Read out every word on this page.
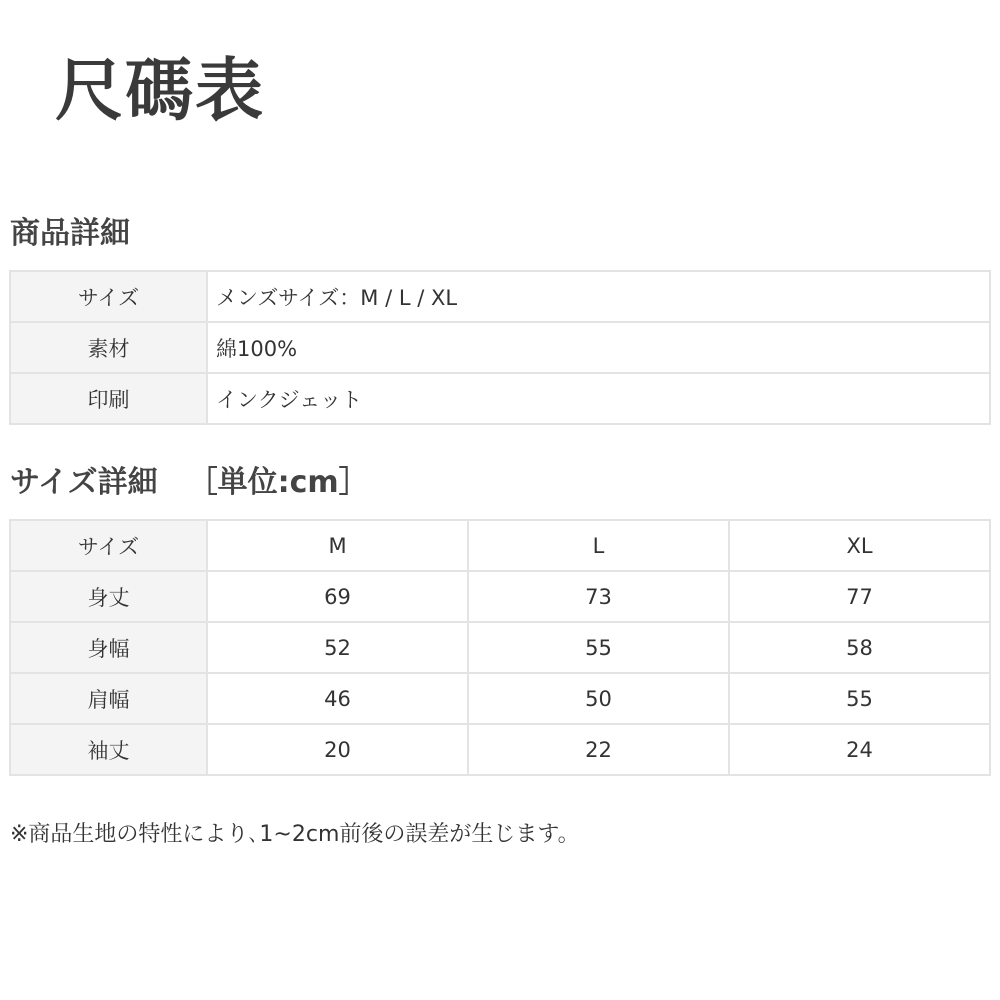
尺碼表
商品詳細
サイズ	メンズサイズ：M / L / XL
素材	綿100%
印刷	インクジェット
サイズ詳細 ［単位:cm］
サイズ	M	L	XL
身丈	69	73	77
身幅	52	55	58
肩幅	46	50	55
袖丈	20	22	24

※商品生地の特性により､1~2cm前後の誤差が生じます。
